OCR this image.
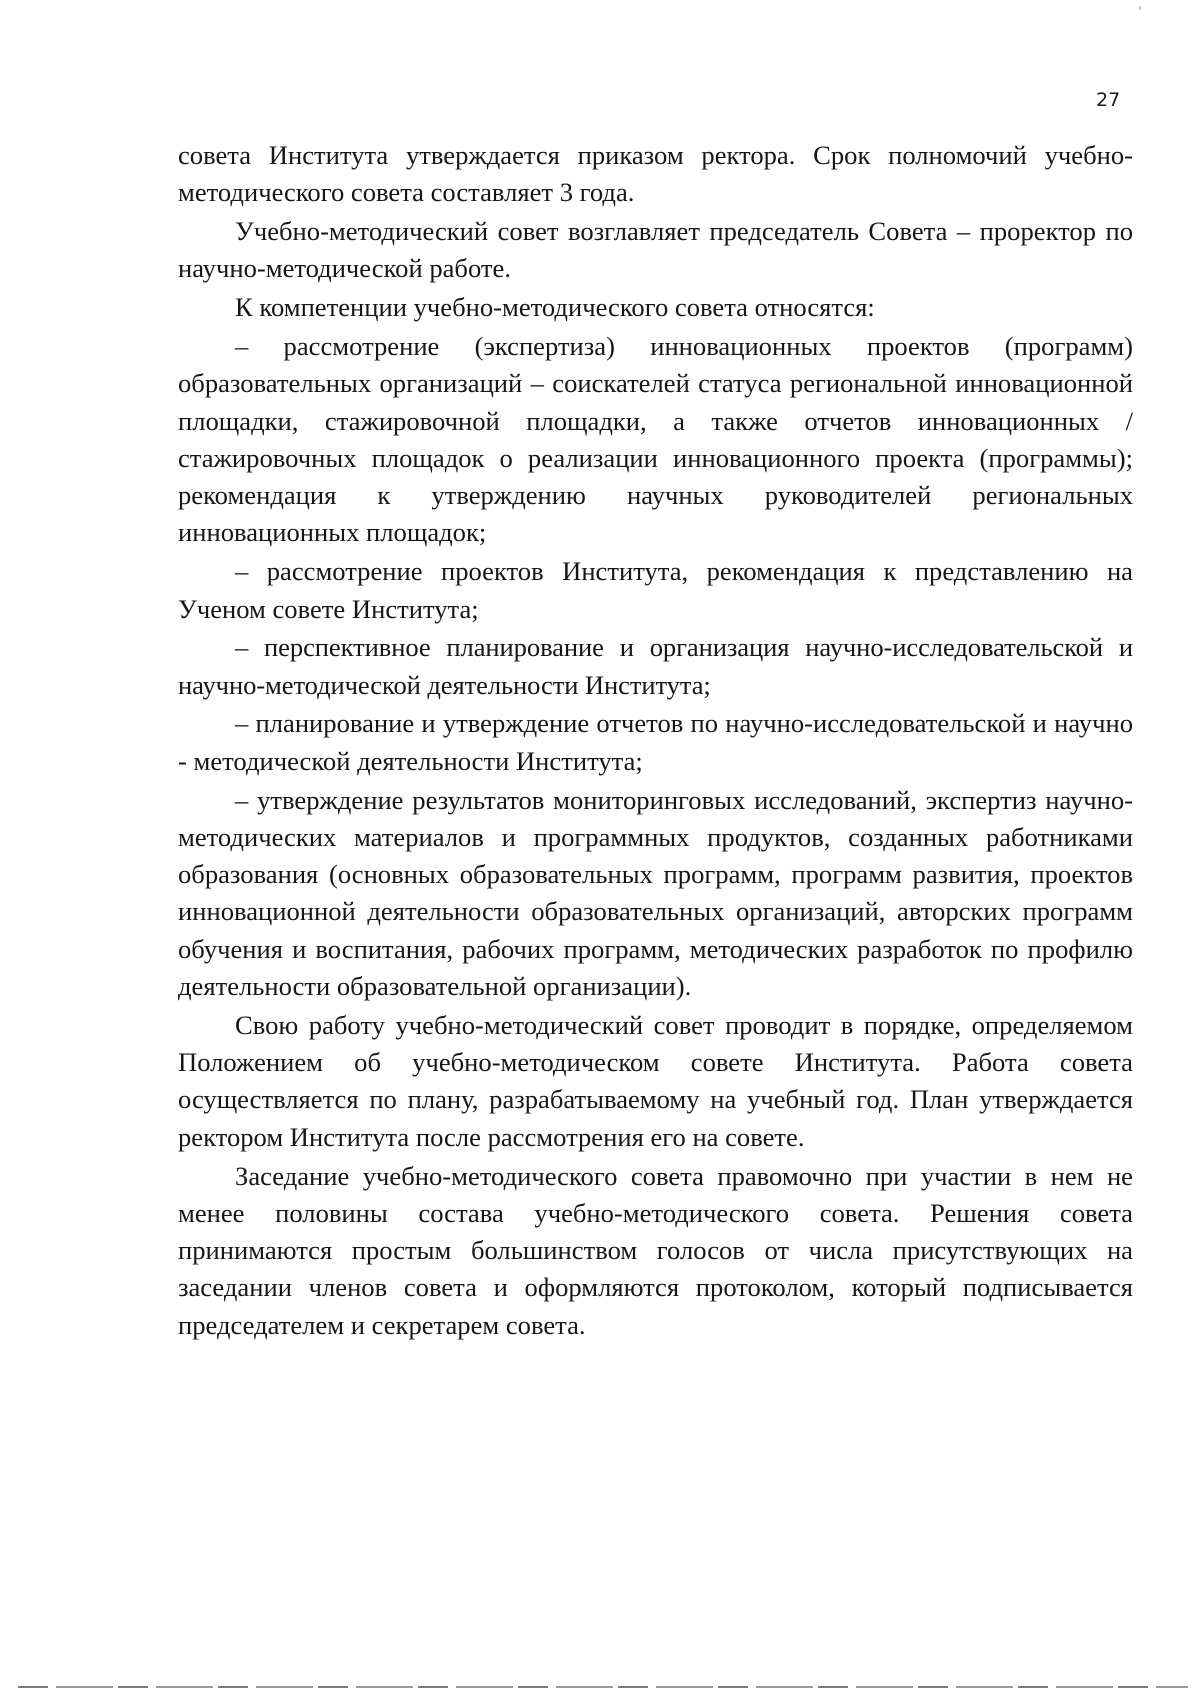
27

совета Института утверждается приказом ректора. Срок полномочий учебно-методического совета составляет 3 года.

Учебно-методический совет возглавляет председатель Совета – проректор по научно-методической работе.

К компетенции учебно-методического совета относятся:

– рассмотрение (экспертиза) инновационных проектов (программ) образовательных организаций – соискателей статуса региональной инновационной площадки, стажировочной площадки, а также отчетов инновационных /стажировочных площадок о реализации инновационного проекта (программы); рекомендация к утверждению научных руководителей региональных инновационных площадок;

– рассмотрение проектов Института, рекомендация к представлению на Ученом совете Института;

– перспективное планирование и организация научно-исследовательской и научно-методической деятельности Института;

– планирование и утверждение отчетов по научно-исследовательской и научно - методической деятельности Института;

– утверждение результатов мониторинговых исследований, экспертиз научно-методических материалов и программных продуктов, созданных работниками образования (основных образовательных программ, программ развития, проектов инновационной деятельности образовательных организаций, авторских программ обучения и воспитания, рабочих программ, методических разработок по профилю деятельности образовательной организации).

Свою работу учебно-методический совет проводит в порядке, определяемом Положением об учебно-методическом совете Института. Работа совета осуществляется по плану, разрабатываемому на учебный год. План утверждается ректором Института после рассмотрения его на совете.

Заседание учебно-методического совета правомочно при участии в нем не менее половины состава учебно-методического совета. Решения совета принимаются простым большинством голосов от числа присутствующих на заседании членов совета и оформляются протоколом, который подписывается председателем и секретарем совета.
